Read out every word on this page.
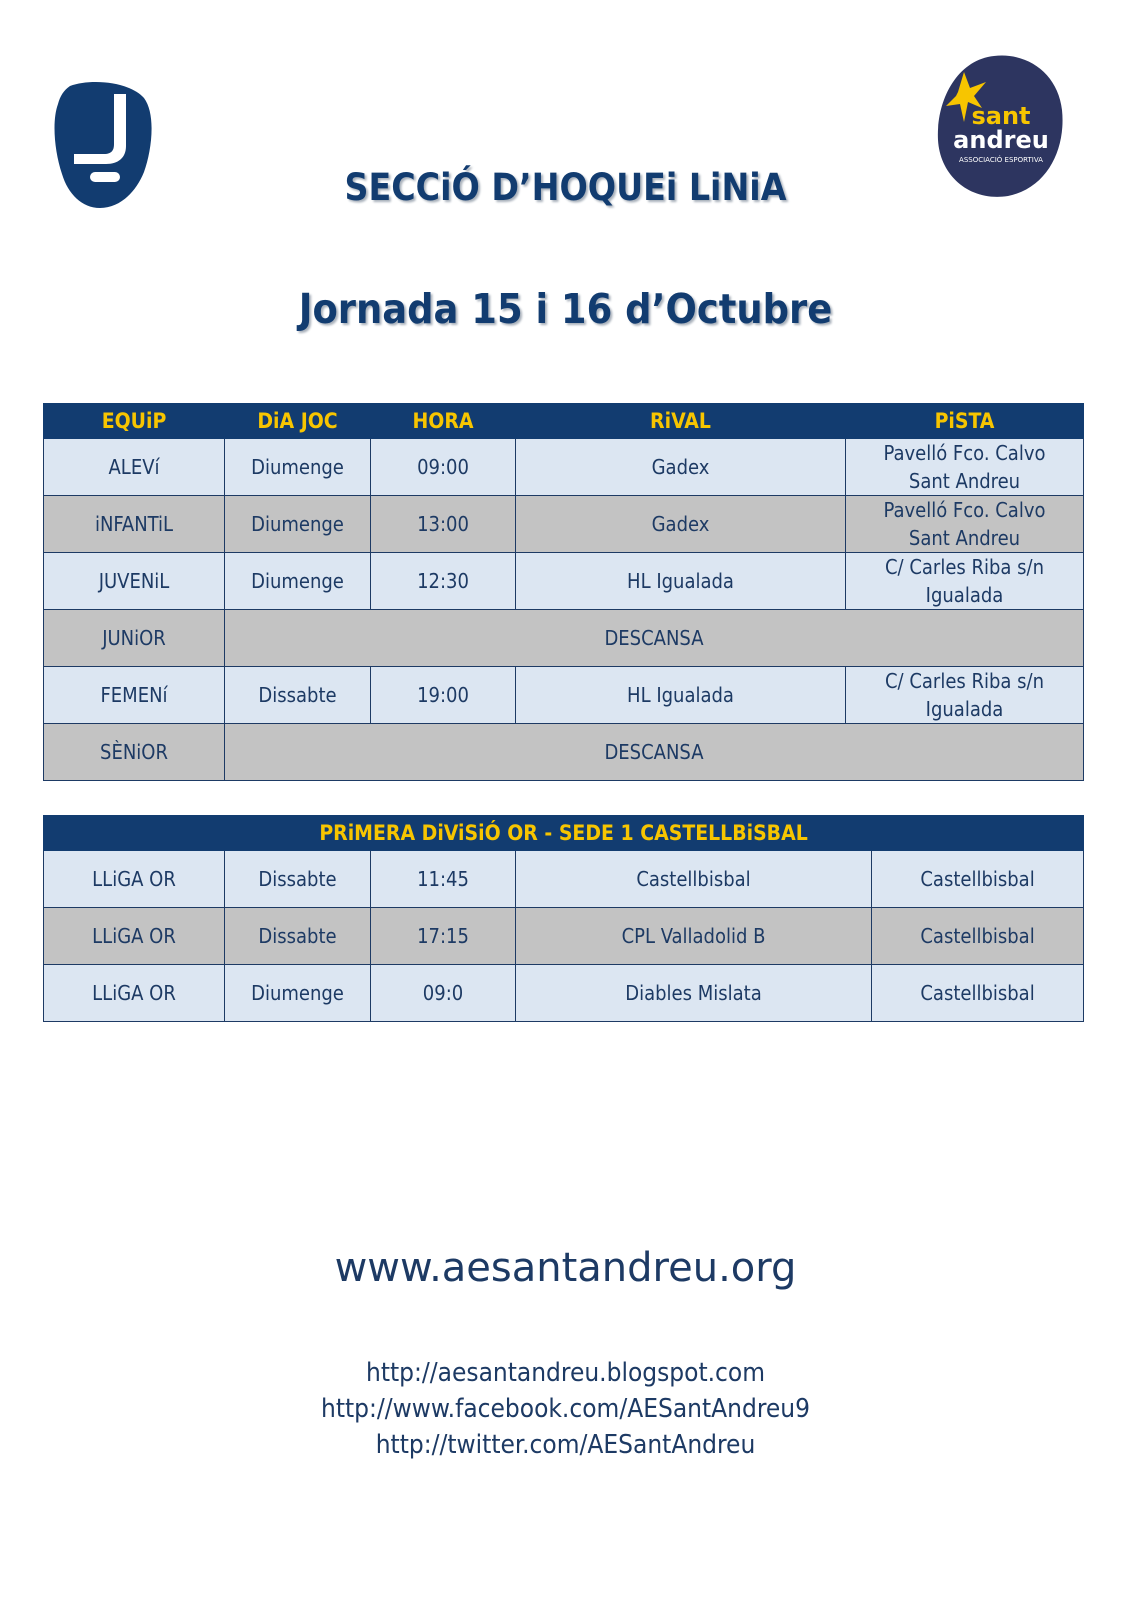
sant
andreu
ASSOCIACIÓ ESPORTIVA
SECCiÓ D’HOQUEi LiNiA
Jornada 15 i 16 d’Octubre
EQUiP	DiA JOC	HORA	RiVAL	PiSTA
ALEVí	Diumenge	09:00	Gadex	Pavelló Fco. Calvo
Sant Andreu
iNFANTiL	Diumenge	13:00	Gadex	Pavelló Fco. Calvo
Sant Andreu
JUVENiL	Diumenge	12:30	HL Igualada	C/ Carles Riba s/n
Igualada
JUNiOR	DESCANSA			
FEMENí	Dissabte	19:00	HL Igualada	C/ Carles Riba s/n
Igualada
SÈNiOR	DESCANSA			
PRiMERA DiViSiÓ OR - SEDE 1 CASTELLBiSBAL				
LLiGA OR	Dissabte	11:45	Castellbisbal	Castellbisbal
LLiGA OR	Dissabte	17:15	CPL Valladolid B	Castellbisbal
LLiGA OR	Diumenge	09:0	Diables Mislata	Castellbisbal
www.aesantandreu.org
http://aesantandreu.blogspot.com
http://www.facebook.com/AESantAndreu9
http://twitter.com/AESantAndreu
